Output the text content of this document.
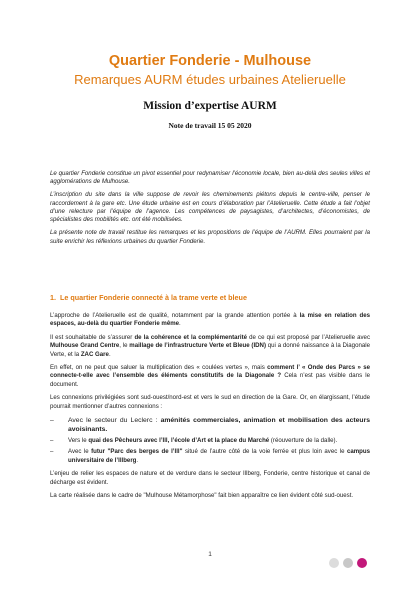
Quartier Fonderie - Mulhouse

Remarques AURM études urbaines Atelieruelle

Mission d’expertise AURM

Note de travail 15 05 2020

Le quartier Fonderie constitue un pivot essentiel pour redynamiser l’économie locale, bien au-delà des seules villes et agglomérations de Mulhouse.

L’inscription du site dans la ville suppose de revoir les cheminements piétons depuis le centre-ville, penser le raccordement à la gare etc. Une étude urbaine est en cours d’élaboration par l’Atelieruelle. Cette étude a fait l’objet d’une relecture par l’équipe de l’agence. Les compétences de paysagistes, d’architectes, d’économistes, de spécialistes des mobilités etc. ont été mobilisées.

La présente note de travail restitue les remarques et les propositions de l’équipe de l’AURM. Elles pourraient par la suite enrichir les réflexions urbaines du quartier Fonderie.

1. Le quartier Fonderie connecté à la trame verte et bleue

L’approche de l’Atelieruelle est de qualité, notamment par la grande attention portée à la mise en relation des espaces, au-delà du quartier Fonderie même.

Il est souhaitable de s’assurer de la cohérence et la complémentarité de ce qui est proposé par l’Atelieruelle avec Mulhouse Grand Centre, le maillage de l’infrastructure Verte et Bleue (IDN) qui a donné naissance à la Diagonale Verte, et la ZAC Gare.

En effet, on ne peut que saluer la multiplication des « coulées vertes », mais comment l’ « Onde des Parcs » se connecte-t-elle avec l’ensemble des éléments constitutifs de la Diagonale ? Cela n’est pas visible dans le document.

Les connexions privilégiées sont sud-ouest/nord-est et vers le sud en direction de la Gare. Or, en élargissant, l’étude pourrait mentionner d’autres connexions :

– Avec le secteur du Leclerc : aménités commerciales, animation et mobilisation des acteurs avoisinants.
– Vers le quai des Pêcheurs avec l’Ill, l’école d’Art et la place du Marché (réouverture de la dalle).
– Avec le futur "Parc des berges de l’Ill" situé de l’autre côté de la voie ferrée et plus loin avec le campus universitaire de l’Illberg.

L’enjeu de relier les espaces de nature et de verdure dans le secteur Illberg, Fonderie, centre historique et canal de décharge est évident.

La carte réalisée dans le cadre de "Mulhouse Métamorphose" fait bien apparaître ce lien évident côté sud-ouest.

1
